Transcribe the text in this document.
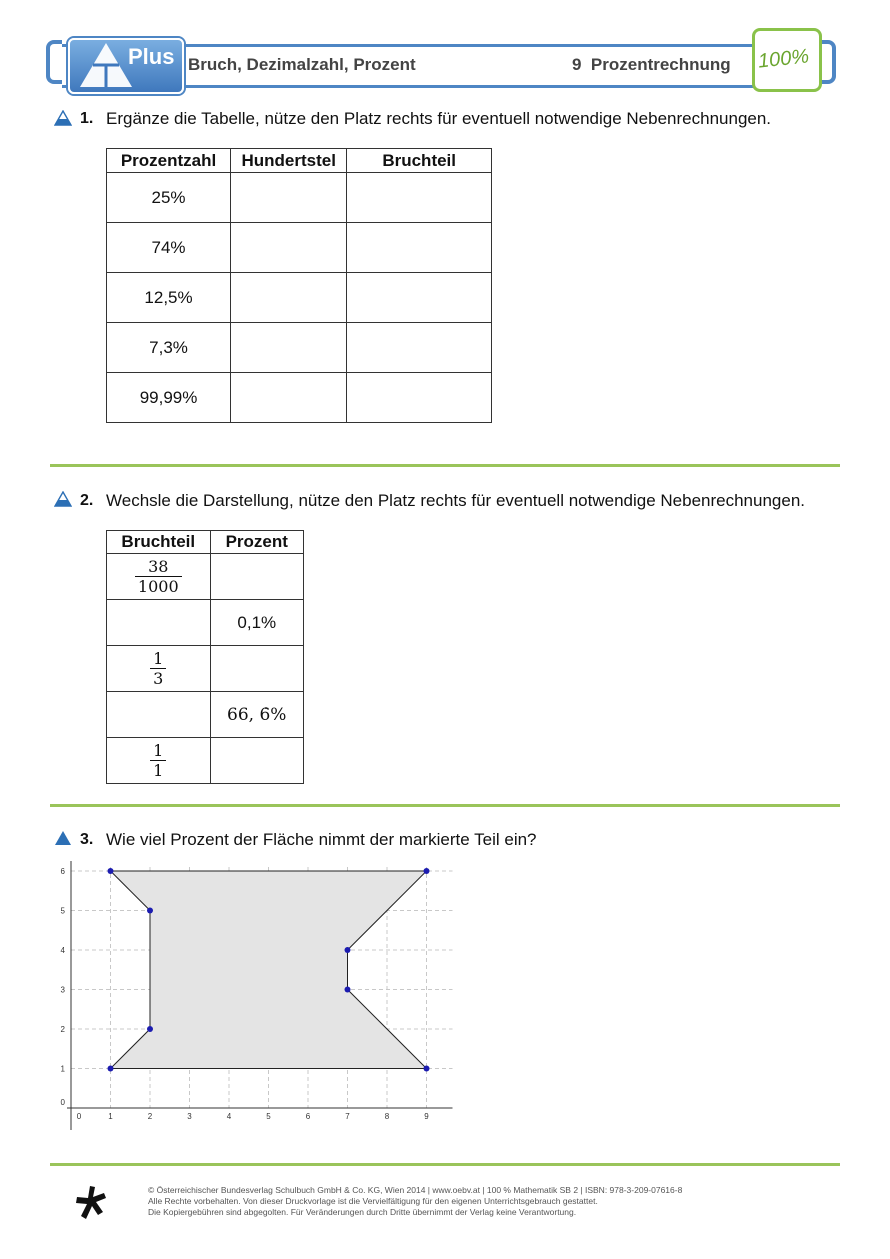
Plus Bruch, Dezimalzahl, Prozent	9  Prozentrechnung 100%
1. Ergänze die Tabelle, nütze den Platz rechts für eventuell notwendige Nebenrechnungen.
Prozentzahl	Hundertstel	Bruchteil
25%		
74%		
12,5%		
7,3%		
99,99%		
2. Wechsle die Darstellung, nütze den Platz rechts für eventuell notwendige Nebenrechnungen.
Bruchteil	Prozent

$\frac{38}{1000}$

	0,1%

$\frac{1}{3}$

	66, 6̇%

$\frac{1}{1}$

3. Wie viel Prozent der Fläche nimmt der markierte Teil ein?
0	1	2	3	4	5	6	7	8	9
0
1
2
3
4
5
6
© Österreichischer Bundesverlag Schulbuch GmbH & Co. KG, Wien 2014 | www.oebv.at | 100 % Mathematik SB 2 | ISBN: 978-3-209-07616-8
Alle Rechte vorbehalten. Von dieser Druckvorlage ist die Vervielfältigung für den eigenen Unterrichtsgebrauch gestattet.
Die Kopiergebühren sind abgegolten. Für Veränderungen durch Dritte übernimmt der Verlag keine Verantwortung.
